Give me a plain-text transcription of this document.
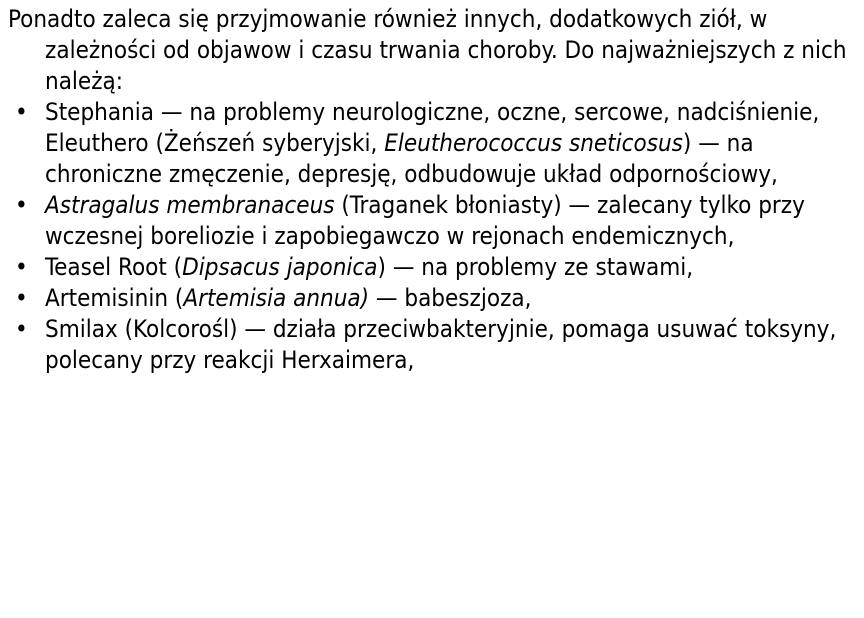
Ponadto zaleca się przyjmowanie również innych, dodatkowych ziół, w zależności od objawow i czasu trwania choroby. Do najważniejszych z nich należą:

• Stephania — na problemy neurologiczne, oczne, sercowe, nadciśnienie, Eleuthero (Żeńszeń syberyjski, Eleutherococcus sneticosus) — na chroniczne zmęczenie, depresję, odbudowuje układ odpornościowy,
• Astragalus membranaceus (Traganek błoniasty) — zalecany tylko przy wczesnej boreliozie i zapobiegawczo w rejonach endemicznych,
• Teasel Root (Dipsacus japonica) — na problemy ze stawami,
• Artemisinin (Artemisia annua) — babeszjoza,
• Smilax (Kolcorośl) — działa przeciwbakteryjnie, pomaga usuwać toksyny, polecany przy reakcji Herxaimera,
